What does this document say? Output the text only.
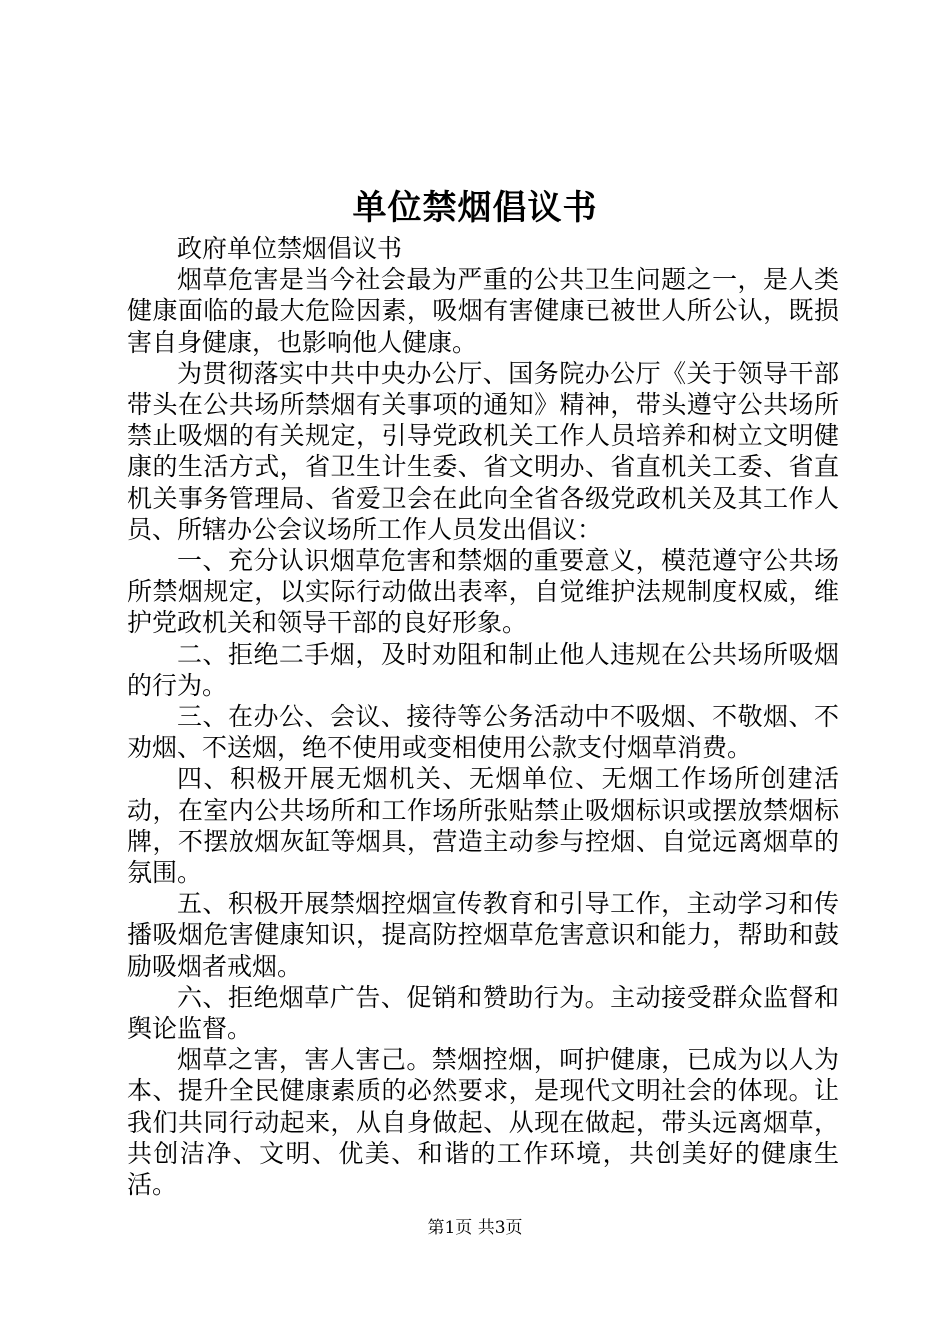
单位禁烟倡议书

政府单位禁烟倡议书

烟草危害是当今社会最为严重的公共卫生问题之一，是人类健康面临的最大危险因素，吸烟有害健康已被世人所公认，既损害自身健康，也影响他人健康。

为贯彻落实中共中央办公厅、国务院办公厅《关于领导干部带头在公共场所禁烟有关事项的通知》精神，带头遵守公共场所禁止吸烟的有关规定，引导党政机关工作人员培养和树立文明健康的生活方式，省卫生计生委、省文明办、省直机关工委、省直机关事务管理局、省爱卫会在此向全省各级党政机关及其工作人员、所辖办公会议场所工作人员发出倡议：

一、充分认识烟草危害和禁烟的重要意义，模范遵守公共场所禁烟规定，以实际行动做出表率，自觉维护法规制度权威，维护党政机关和领导干部的良好形象。

二、拒绝二手烟，及时劝阻和制止他人违规在公共场所吸烟的行为。

三、在办公、会议、接待等公务活动中不吸烟、不敬烟、不劝烟、不送烟，绝不使用或变相使用公款支付烟草消费。

四、积极开展无烟机关、无烟单位、无烟工作场所创建活动，在室内公共场所和工作场所张贴禁止吸烟标识或摆放禁烟标牌，不摆放烟灰缸等烟具，营造主动参与控烟、自觉远离烟草的氛围。

五、积极开展禁烟控烟宣传教育和引导工作，主动学习和传播吸烟危害健康知识，提高防控烟草危害意识和能力，帮助和鼓励吸烟者戒烟。

六、拒绝烟草广告、促销和赞助行为。主动接受群众监督和舆论监督。

烟草之害，害人害己。禁烟控烟，呵护健康，已成为以人为本、提升全民健康素质的必然要求，是现代文明社会的体现。让我们共同行动起来，从自身做起、从现在做起，带头远离烟草，共创洁净、文明、优美、和谐的工作环境，共创美好的健康生活。

第1页 共3页
